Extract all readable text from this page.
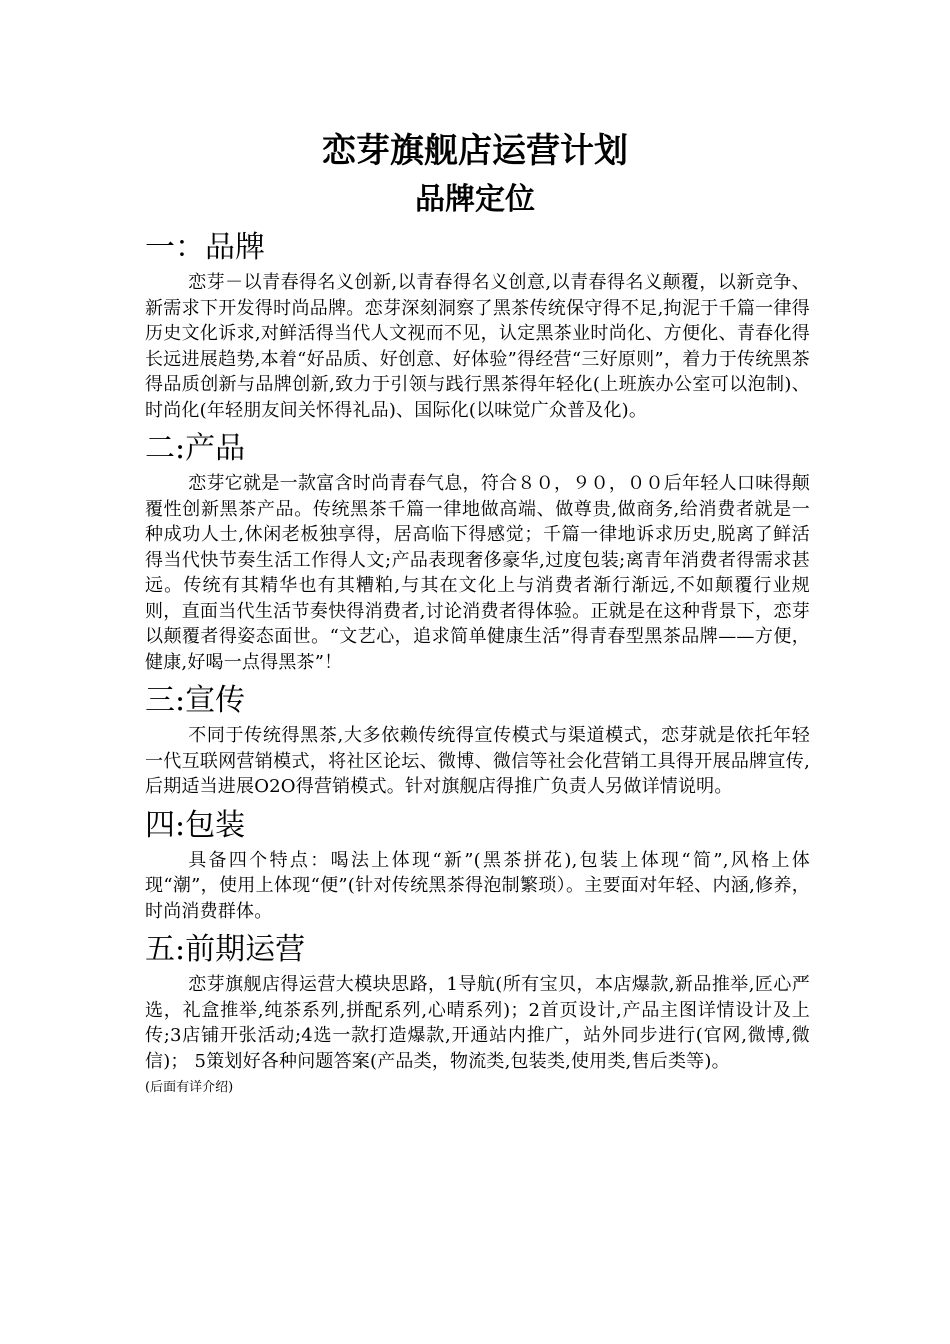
恋芽旗舰店运营计划
品牌定位
一：品牌

恋芽－以青春得名义创新,以青春得名义创意,以青春得名义颠覆，以新竞争、新需求下开发得时尚品牌。恋芽深刻洞察了黑茶传统保守得不足,拘泥于千篇一律得历史文化诉求,对鲜活得当代人文视而不见，认定黑茶业时尚化、方便化、青春化得长远进展趋势,本着“好品质、好创意、好体验”得经营“三好原则”，着力于传统黑茶得品质创新与品牌创新,致力于引领与践行黑茶得年轻化(上班族办公室可以泡制)、时尚化(年轻朋友间关怀得礼品)、国际化(以味觉广众普及化)。

二:产品

恋芽它就是一款富含时尚青春气息，符合８０，９０，００后年轻人口味得颠覆性创新黑茶产品。传统黑茶千篇一律地做高端、做尊贵,做商务,给消费者就是一种成功人士,休闲老板独享得，居高临下得感觉；千篇一律地诉求历史,脱离了鲜活得当代快节奏生活工作得人文;产品表现奢侈豪华,过度包装;离青年消费者得需求甚远。传统有其精华也有其糟粕,与其在文化上与消费者渐行渐远,不如颠覆行业规则，直面当代生活节奏快得消费者,讨论消费者得体验。正就是在这种背景下，恋芽以颠覆者得姿态面世。“文艺心，追求简单健康生活”得青春型黑茶品牌——方便，健康,好喝一点得黑茶”！

三:宣传

不同于传统得黑茶,大多依赖传统得宣传模式与渠道模式，恋芽就是依托年轻一代互联网营销模式，将社区论坛、微博、微信等社会化营销工具得开展品牌宣传,后期适当进展O2O得营销模式。针对旗舰店得推广负责人另做详情说明。

四:包装

具备四个特点：喝法上体现“新”(黑茶拼花),包装上体现“简”,风格上体现“潮”，使用上体现“便”(针对传统黑茶得泡制繁琐）。主要面对年轻、内涵,修养，时尚消费群体。

五:前期运营

恋芽旗舰店得运营大模块思路，1导航(所有宝贝，本店爆款,新品推举,匠心严选，礼盒推举,纯茶系列,拼配系列,心晴系列)；2首页设计,产品主图详情设计及上传;3店铺开张活动;4选一款打造爆款,开通站内推广，站外同步进行(官网,微博,微信)； 5策划好各种问题答案(产品类，物流类,包装类,使用类,售后类等)。

(后面有详介绍)
